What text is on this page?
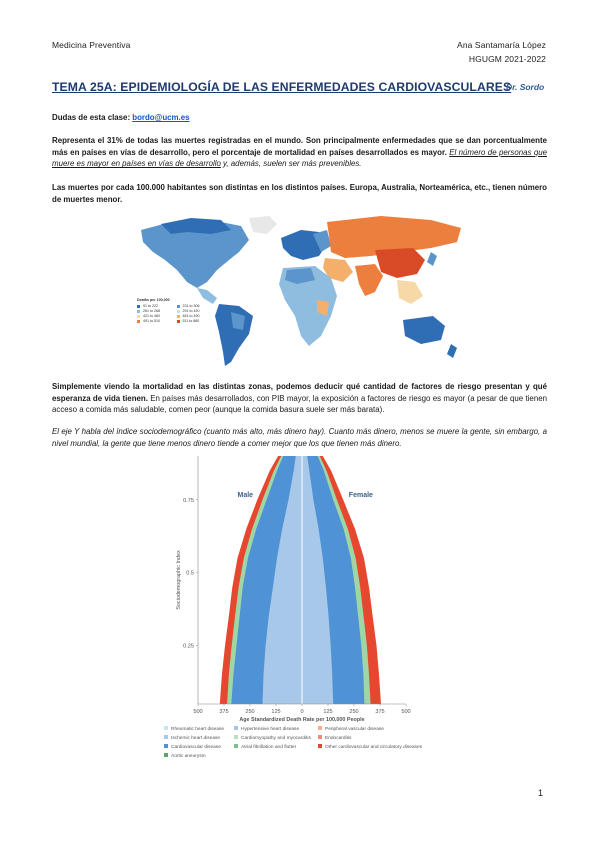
Medicina Preventiva	Ana Santamaría López
HGUGM 2021-2022
TEMA 25A: EPIDEMIOLOGÍA DE LAS ENFERMEDADES CARDIOVASCULARES
Dr. Sordo
Dudas de esta clase: bordo@ucm.es
Representa el 31% de todas las muertes registradas en el mundo. Son principalmente enfermedades que se dan porcentualmente más en países en vías de desarrollo, pero el porcentaje de mortalidad en países desarrollados es mayor. El número de personas que muere es mayor en países en vías de desarrollo y, además, suelen ser más prevenibles.
Las muertes por cada 100.000 habitantes son distintas en los distintos países. Europa, Australia, Norteamérica, etc., tienen número de muertes menor.
Deaths per 100,000
91 to 222	231 to 306
261 to 268	291 to 420
421 to 460	461 to 490
491 to 510	511 to 880
Simplemente viendo la mortalidad en las distintas zonas, podemos deducir qué cantidad de factores de riesgo presentan y qué esperanza de vida tienen. En países más desarrollados, con PIB mayor, la exposición a factores de riesgo es mayor (a pesar de que tienen acceso a comida más saludable, comen peor (aunque la comida basura suele ser más barata).
El eje Y habla del índice sociodemográfico (cuanto más alto, más dinero hay). Cuanto más dinero, menos se muere la gente, sin embargo, a nivel mundial, la gente que tiene menos dinero tiende a comer mejor que los que tienen más dinero.
500	375	250	125	0	125	250	375	500
Age Standardized Death Rate per 100,000 People
0.75
0.5
0.25
Sociodemographic Index
Male	Female
Rheumatic heart disease	Hypertensive heart disease	Peripheral vascular disease
Ischemic heart disease	Cardiomyopathy and myocarditis	Endocarditis
Cardiovascular disease	Atrial fibrillation and flutter	Other cardiovascular and circulatory diseases
Aortic aneurysm
1
